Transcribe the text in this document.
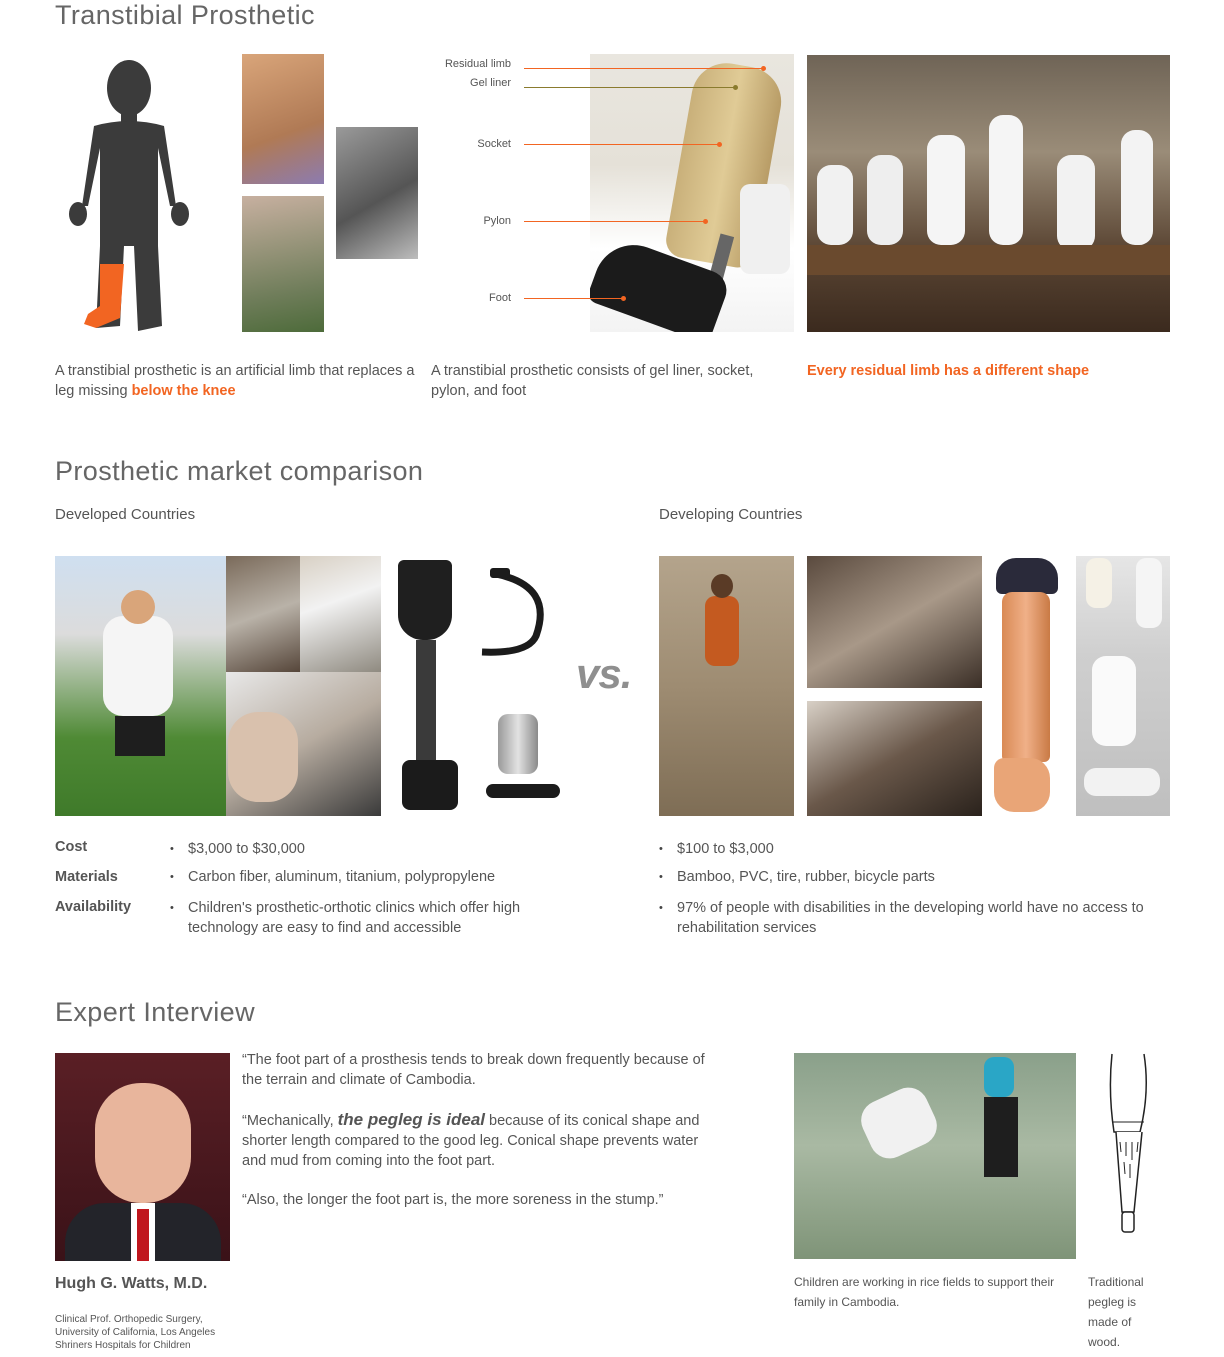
Transtibial Prosthetic
Residual limb
Gel liner
Socket
Pylon
Foot
A transtibial prosthetic is an artificial limb that replaces a leg missing below the knee
A transtibial prosthetic consists of gel liner, socket, pylon, and foot
Every residual limb has a different shape
Prosthetic market comparison
Developed Countries	Developing Countries
vs.
Cost
Materials
Availability
• $3,000 to $30,000
• Carbon fiber, aluminum, titanium, polypropylene
• Children's prosthetic-orthotic clinics which offer high technology are easy to find and accessible
• $100 to $3,000
• Bamboo, PVC, tire, rubber, bicycle parts
• 97% of people with disabilities in the developing world have no access to rehabilitation services
Expert Interview
“The foot part of a prosthesis tends to break down frequently because of the terrain and climate of Cambodia.
“Mechanically, the pegleg is ideal because of its conical shape and shorter length compared to the good leg. Conical shape prevents water and mud from coming into the foot part.
“Also, the longer the foot part is, the more soreness in the stump.”
Hugh G. Watts, M.D.
Clinical Prof. Orthopedic Surgery,
University of California, Los Angeles
Shriners Hospitals for Children
Children are working in rice fields to support their family in Cambodia.
Traditional pegleg is made of wood.
